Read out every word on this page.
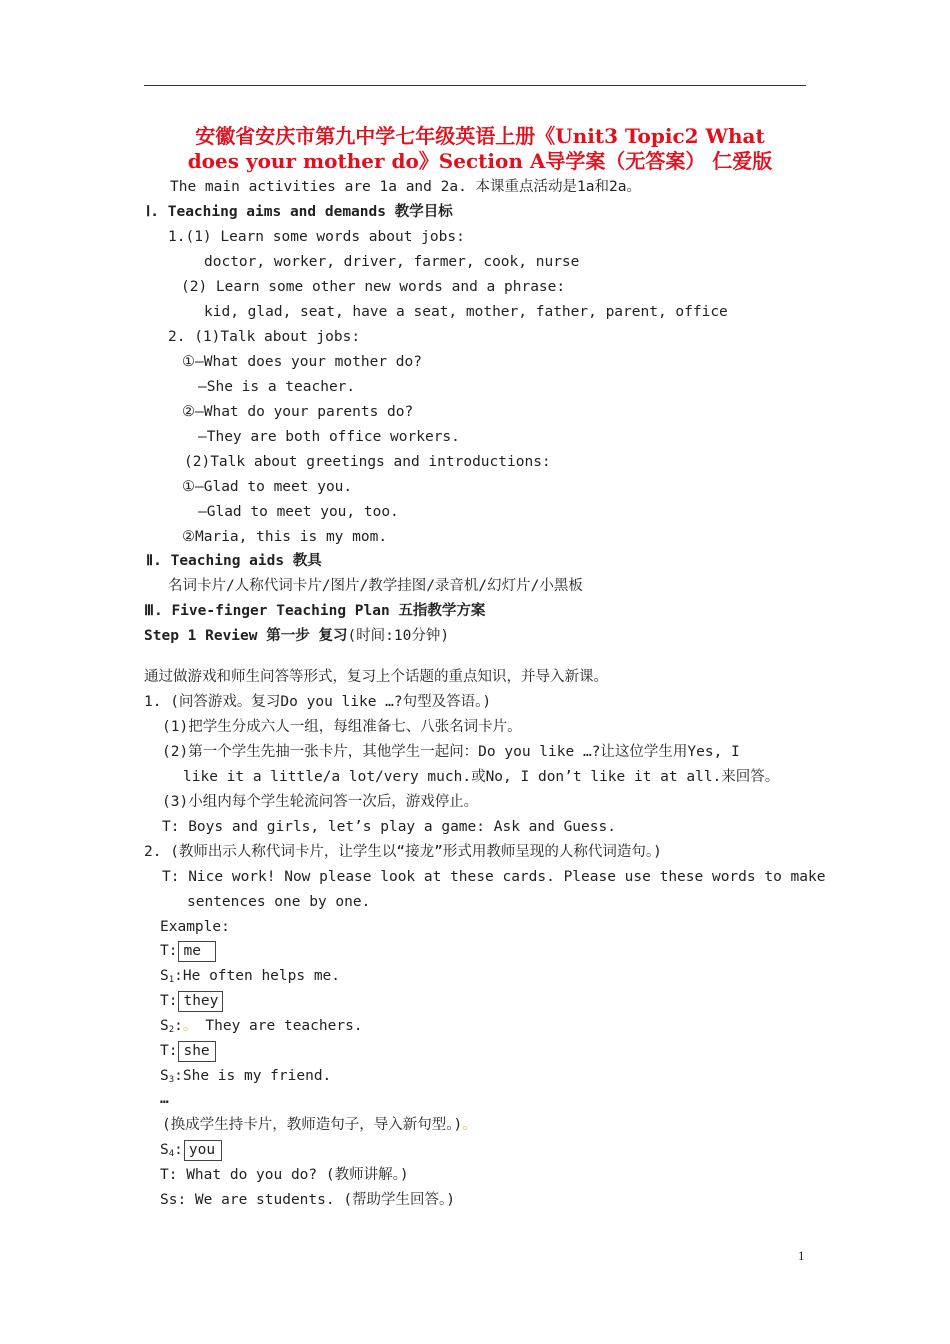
安徽省安庆市第九中学七年级英语上册《Unit3 Topic2 What
does your mother do》Section A导学案（无答案） 仁爱版
The main activities are 1a and 2a. 本课重点活动是1a和2a。
Ⅰ. Teaching aims and demands 教学目标
1.(1) Learn some words about jobs:
doctor, worker, driver, farmer, cook, nurse
(2) Learn some other new words and a phrase:
kid, glad, seat, have a seat, mother, father, parent, office
2. (1)Talk about jobs:
①—What does your mother do?
—She is a teacher.
②—What do your parents do?
—They are both office workers.
(2)Talk about greetings and introductions:
①—Glad to meet you.
—Glad to meet you, too.
②Maria, this is my mom.
Ⅱ. Teaching aids 教具
名词卡片/人称代词卡片/图片/教学挂图/录音机/幻灯片/小黑板
Ⅲ. Five-finger Teaching Plan 五指教学方案
Step 1 Review 第一步 复习(时间:10分钟)
通过做游戏和师生问答等形式，复习上个话题的重点知识，并导入新课。
1. (问答游戏。复习Do you like …?句型及答语。)
(1)把学生分成六人一组，每组准备七、八张名词卡片。
(2)第一个学生先抽一张卡片，其他学生一起问：Do you like …?让这位学生用Yes, I
like it a little/a lot/very much.或No, I don’t like it at all.来回答。
(3)小组内每个学生轮流问答一次后，游戏停止。
T: Boys and girls, let’s play a game: Ask and Guess.
2. (教师出示人称代词卡片，让学生以“接龙”形式用教师呈现的人称代词造句。)
T: Nice work! Now please look at these cards. Please use these words to make
sentences one by one.
Example:
T: me
$S_1:He$ often helps me.
T: they
$S_2$:。 They are teachers.
T: she
$S_3:She$ is my friend.
…
(换成学生持卡片，教师造句子，导入新句型。)。
$S_4$: you
T: What do you do? (教师讲解。)
Ss: We are students. (帮助学生回答。)
1
